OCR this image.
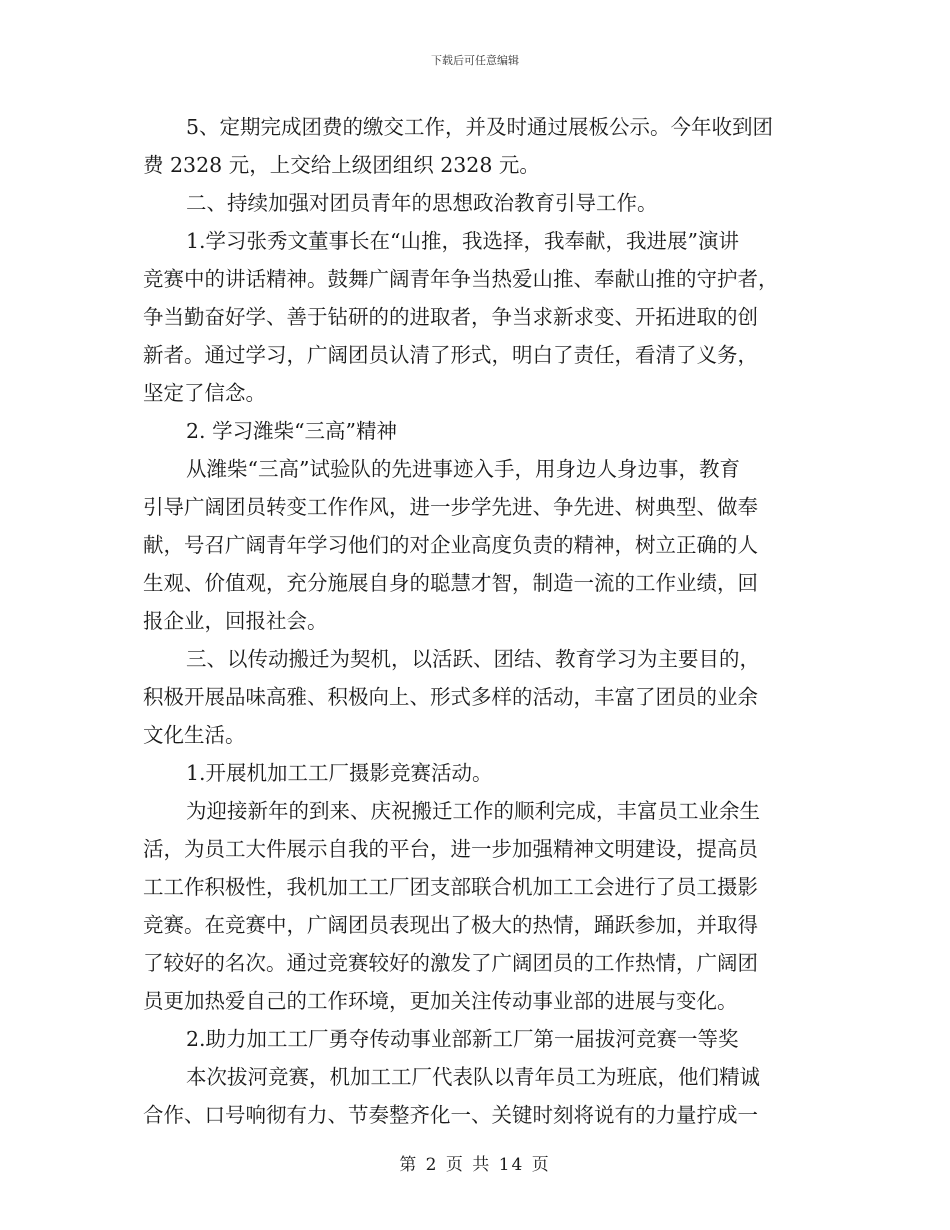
下载后可任意编辑
5、定期完成团费的缴交工作，并及时通过展板公示。今年收到团
费 2328 元，上交给上级团组织 2328 元。
二、持续加强对团员青年的思想政治教育引导工作。
1.学习张秀文董事长在“山推，我选择，我奉献，我进展”演讲
竞赛中的讲话精神。鼓舞广阔青年争当热爱山推、奉献山推的守护者，
争当勤奋好学、善于钻研的的进取者，争当求新求变、开拓进取的创
新者。通过学习，广阔团员认清了形式，明白了责任，看清了义务，
坚定了信念。
2. 学习潍柴“三高”精神
从潍柴“三高”试验队的先进事迹入手，用身边人身边事，教育
引导广阔团员转变工作作风，进一步学先进、争先进、树典型、做奉
献，号召广阔青年学习他们的对企业高度负责的精神，树立正确的人
生观、价值观，充分施展自身的聪慧才智，制造一流的工作业绩，回
报企业，回报社会。
三、以传动搬迁为契机，以活跃、团结、教育学习为主要目的，
积极开展品味高雅、积极向上、形式多样的活动，丰富了团员的业余
文化生活。
1.开展机加工工厂摄影竞赛活动。
为迎接新年的到来、庆祝搬迁工作的顺利完成，丰富员工业余生
活，为员工大件展示自我的平台，进一步加强精神文明建设，提高员
工工作积极性，我机加工工厂团支部联合机加工工会进行了员工摄影
竞赛。在竞赛中，广阔团员表现出了极大的热情，踊跃参加，并取得
了较好的名次。通过竞赛较好的激发了广阔团员的工作热情，广阔团
员更加热爱自己的工作环境，更加关注传动事业部的进展与变化。
2.助力加工工厂勇夺传动事业部新工厂第一届拔河竞赛一等奖
本次拔河竞赛，机加工工厂代表队以青年员工为班底，他们精诚
合作、口号响彻有力、节奏整齐化一、关键时刻将说有的力量拧成一
第 2 页 共 14 页
